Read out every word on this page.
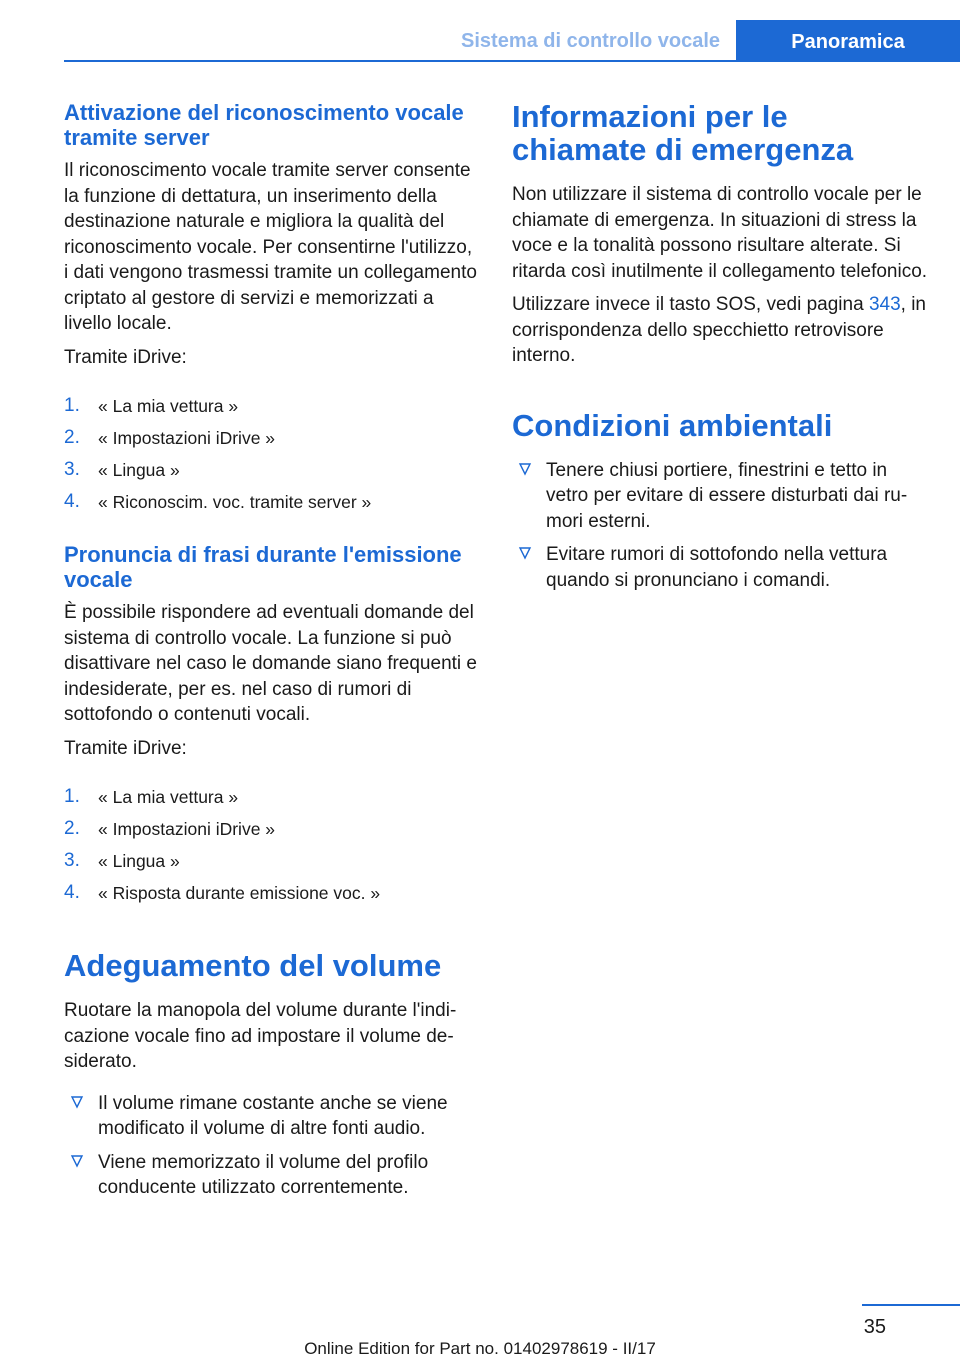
Sistema di controllo vocale	Panoramica
Attivazione del riconoscimento vocale tramite server

Il riconoscimento vocale tramite server consente la funzione di dettatura, un inserimento della destinazione naturale e migliora la qualità del riconoscimento vocale. Per consentirne l'utilizzo, i dati vengono trasmessi tramite un collegamento criptato al gestore di servizi e memorizzati a livello locale.

Tramite iDrive:

1. « La mia vettura »
2. « Impostazioni iDrive »
3. « Lingua »
4. « Riconoscim. voc. tramite server »
Pronuncia di frasi durante l'emissione vocale

È possibile rispondere ad eventuali domande del sistema di controllo vocale. La funzione si può disattivare nel caso le domande siano frequenti e indesiderate, per es. nel caso di rumori di sottofondo o contenuti vocali.

Tramite iDrive:

1. « La mia vettura »
2. « Impostazioni iDrive »
3. « Lingua »
4. « Risposta durante emissione voc. »
Adeguamento del volume

Ruotare la manopola del volume durante l'indicazione vocale fino ad impostare il volume desiderato.

Il volume rimane costante anche se viene modificato il volume di altre fonti audio.
Viene memorizzato il volume del profilo conducente utilizzato correntemente.
Informazioni per le chiamate di emergenza

Non utilizzare il sistema di controllo vocale per le chiamate di emergenza. In situazioni di stress la voce e la tonalità possono risultare alterate. Si ritarda così inutilmente il collegamento telefonico.

Utilizzare invece il tasto SOS, vedi pagina 343, in corrispondenza dello specchietto retrovisore interno.

Condizioni ambientali
Tenere chiusi portiere, finestrini e tetto in vetro per evitare di essere disturbati dai rumori esterni.
Evitare rumori di sottofondo nella vettura quando si pronunciano i comandi.
35
Online Edition for Part no. 01402978619 - II/17
